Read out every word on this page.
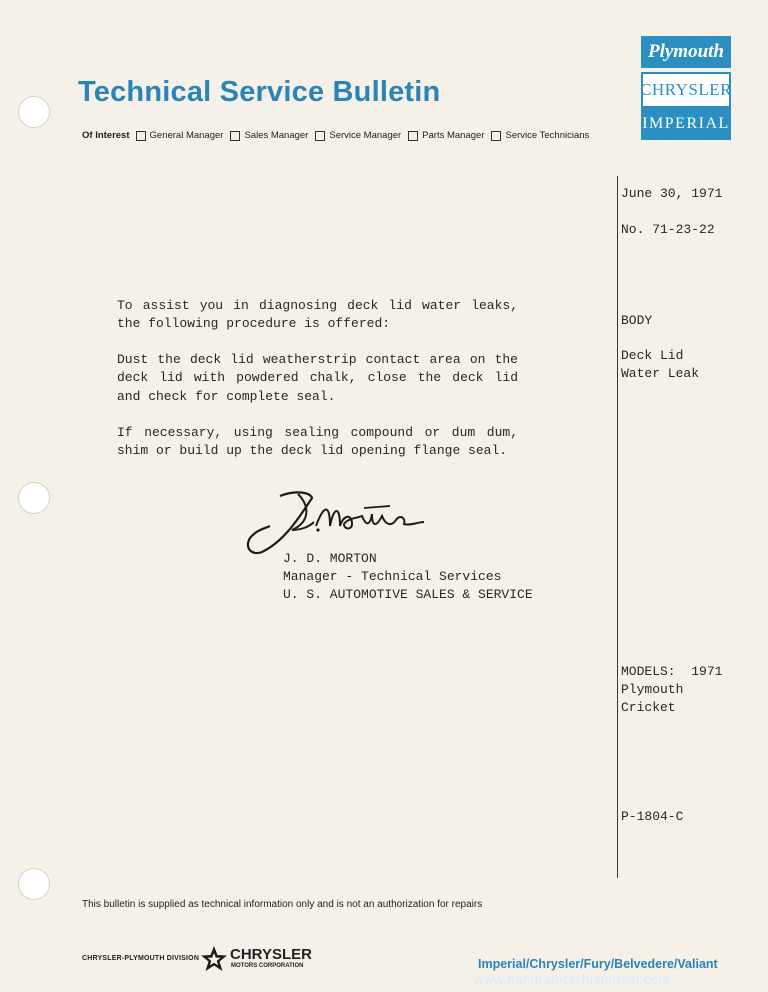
Technical Service Bulletin
Of Interest General Manager Sales Manager Service Manager Parts Manager Service Technicians
Plymouth
CHRYSLER
IMPERIAL
June 30, 1971
No. 71-23-22
BODY
Deck Lid
Water Leak
MODELS:  1971
Plymouth
Cricket
P-1804-C
To assist you in diagnosing deck lid water leaks, the following procedure is offered:
Dust the deck lid weatherstrip contact area on the deck lid with powdered chalk, close the deck lid and check for complete seal.
If necessary, using sealing compound or dum dum, shim or build up the deck lid opening flange seal.
J. D. MORTON
Manager - Technical Services
U. S. AUTOMOTIVE SALES & SERVICE
This bulletin is supplied as technical information only and is not an authorization for repairs
CHRYSLER-PLYMOUTH DIVISION CHRYSLER
MOTORS CORPORATION	Imperial/Chrysler/Fury/Belvedere/Valiant
www.hamtramck-historical.com
